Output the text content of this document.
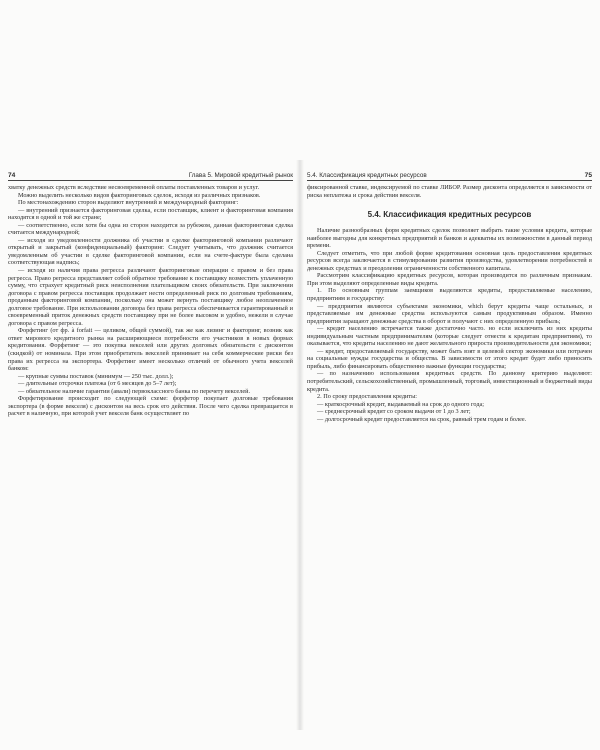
74	Глава 5. Мировой кредитный рынок

хватку денежных средств вследствие несвоевременной оплаты поставленных товаров и услуг.

Можно выделить несколько видов факторинговых сделок, исходя из различных признаков.

По местонахождению сторон выделяют внутренний и международный факторинг:

— внутренний признается факторинговая сделка, если поставщик, клиент и факторинговая компания находятся в одной и той же стране;

— соответственно, если хотя бы одна из сторон находится за рубежом, данная факторинговая сделка считается международной;

— исходя из уведомленности должника об участии в сделке факторинговой компании различают открытый и закрытый (конфиденциальный) факторинг. Следует учитывать, что должник считается уведомленным об участии в сделке факторинговой компании, если на счете-фактуре была сделана соответствующая надпись;

— исходя из наличия права регресса различают факторинговые операции с правом и без права регресса. Право регресса представляет собой обратное требование к поставщику возместить уплаченную сумму, что страхует кредитный риск неисполнения плательщиком своих обязательств. При заключении договора с правом регресса поставщик продолжает нести определенный риск по долговым требованиям, проданным факторинговой компании, поскольку она может вернуть поставщику любое неоплаченное долговое требование. При использовании договора без права регресса обеспечивается гарантированный и своевременный приток денежных средств поставщику при не более высоком и удобно, нежели в случае договора с правом регресса.

Форфетинг (от фр. à forfait — целиком, общей суммой), так же как лизинг и факторинг, возник как ответ мирового кредитного рынка на расширяющиеся потребности его участников в новых формах кредитования. Форфетинг — это покупка векселей или других долговых обязательств с дисконтом (скидкой) от номинала. При этом приобретатель векселей принимает на себя коммерческие риски без права их регресса на экспортера. Форфетинг имеет несколько отличий от обычного учета векселей банком:

— крупные суммы поставок (минимум — 250 тыс. долл.);

— длительные отсрочки платежа (от 6 месяцев до 5–7 лет);

— обязательное наличие гарантии (авали) первоклассного банка по перечету векселей.

Форфетирование происходит по следующей схеме: форфетор покупает долговые требования экспортера (в форме векселя) с дисконтом на весь срок его действия. После чего сделка превращается в расчет в наличную, при которой учет векселя банк осуществляет по

5.4. Классификация кредитных ресурсов	75

фиксированной ставке, индексируемой по ставке ЛИБОР. Размер дисконта определяется в зависимости от риска неплатежа и срока действия векселя.

5.4. Классификация кредитных ресурсов

Наличие разнообразных форм кредитных сделок позволяет выбрать такие условия кредита, которые наиболее выгодны для конкретных предприятий и банков и адекватны их возможностям в данный период времени.

Следует отметить, что при любой форме кредитования основная цель предоставления кредитных ресурсов всегда заключается в стимулировании развития производства, удовлетворении потребностей в денежных средствах и преодолении ограниченности собственного капитала.

Рассмотрим классификацию кредитных ресурсов, которая производится по различным признакам. При этом выделяют определенные виды кредита.

1. По основным группам заемщиков выделяются кредиты, предоставляемые населению, предприятиям и государству:

— предприятия являются субъектами экономики, which берут кредиты чаще остальных, и представляемые им денежные средства используются самым продуктивным образом. Именно предприятия заращают денежные средства в оборот и получают с них определенную прибыль;

— кредит населению встречается также достаточно часто. но если исключить из них кредиты индивидуальным частным предпринимателям (которые следует отнести к кредитам предприятиям), то оказывается, что кредиты населению не дают желательного прироста производительности для экономики;

— кредит, предоставляемый государству, может быть взят в целевой сектор экономики или потрачен на социальные нужды государства и общества. В зависимости от этого кредит будет либо приносить прибыль, либо финансировать общественно важные функции государства;

— по назначению использования кредитных средств. По данному критерию выделяют: потребительский, сельскохозяйственный, промышленный, торговый, инвестиционный и бюджетный виды кредита.

2. По сроку предоставления кредиты:

— краткосрочный кредит, выдаваемый на срок до одного года;

— среднесрочный кредит со сроком выдачи от 1 до 3 лет;

— долгосрочный кредит предоставляется на срок, равный трем годам и более.
